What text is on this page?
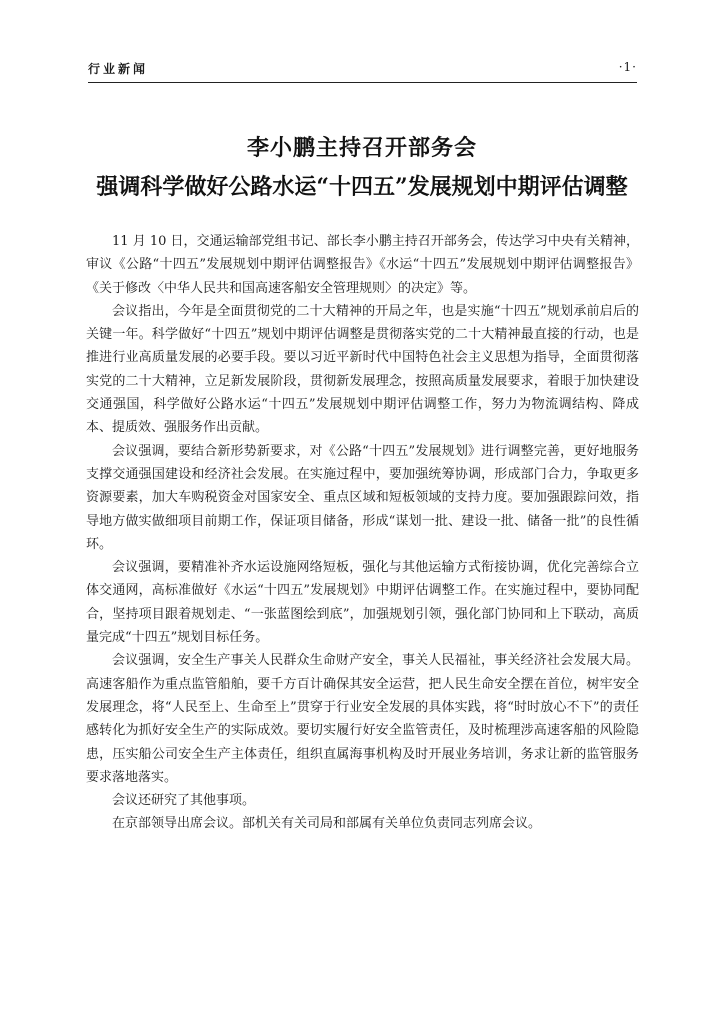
行业新闻	·1·
李小鹏主持召开部务会
强调科学做好公路水运“十四五”发展规划中期评估调整

11 月 10 日，交通运输部党组书记、部长李小鹏主持召开部务会，传达学习中央有关精神，审议《公路“十四五”发展规划中期评估调整报告》《水运“十四五”发展规划中期评估调整报告》《关于修改〈中华人民共和国高速客船安全管理规则〉的决定》等。

会议指出，今年是全面贯彻党的二十大精神的开局之年，也是实施“十四五”规划承前启后的关键一年。科学做好“十四五”规划中期评估调整是贯彻落实党的二十大精神最直接的行动，也是推进行业高质量发展的必要手段。要以习近平新时代中国特色社会主义思想为指导，全面贯彻落实党的二十大精神，立足新发展阶段，贯彻新发展理念，按照高质量发展要求，着眼于加快建设交通强国，科学做好公路水运“十四五”发展规划中期评估调整工作，努力为物流调结构、降成本、提质效、强服务作出贡献。

会议强调，要结合新形势新要求，对《公路“十四五”发展规划》进行调整完善，更好地服务支撑交通强国建设和经济社会发展。在实施过程中，要加强统筹协调，形成部门合力，争取更多资源要素，加大车购税资金对国家安全、重点区域和短板领域的支持力度。要加强跟踪问效，指导地方做实做细项目前期工作，保证项目储备，形成“谋划一批、建设一批、储备一批”的良性循环。

会议强调，要精准补齐水运设施网络短板，强化与其他运输方式衔接协调，优化完善综合立体交通网，高标准做好《水运“十四五”发展规划》中期评估调整工作。在实施过程中，要协同配合，坚持项目跟着规划走、“一张蓝图绘到底”，加强规划引领，强化部门协同和上下联动，高质量完成“十四五”规划目标任务。

会议强调，安全生产事关人民群众生命财产安全，事关人民福祉，事关经济社会发展大局。高速客船作为重点监管船舶，要千方百计确保其安全运营，把人民生命安全摆在首位，树牢安全发展理念，将“人民至上、生命至上”贯穿于行业安全发展的具体实践，将“时时放心不下”的责任感转化为抓好安全生产的实际成效。要切实履行好安全监管责任，及时梳理涉高速客船的风险隐患，压实船公司安全生产主体责任，组织直属海事机构及时开展业务培训，务求让新的监管服务要求落地落实。

会议还研究了其他事项。

在京部领导出席会议。部机关有关司局和部属有关单位负责同志列席会议。
